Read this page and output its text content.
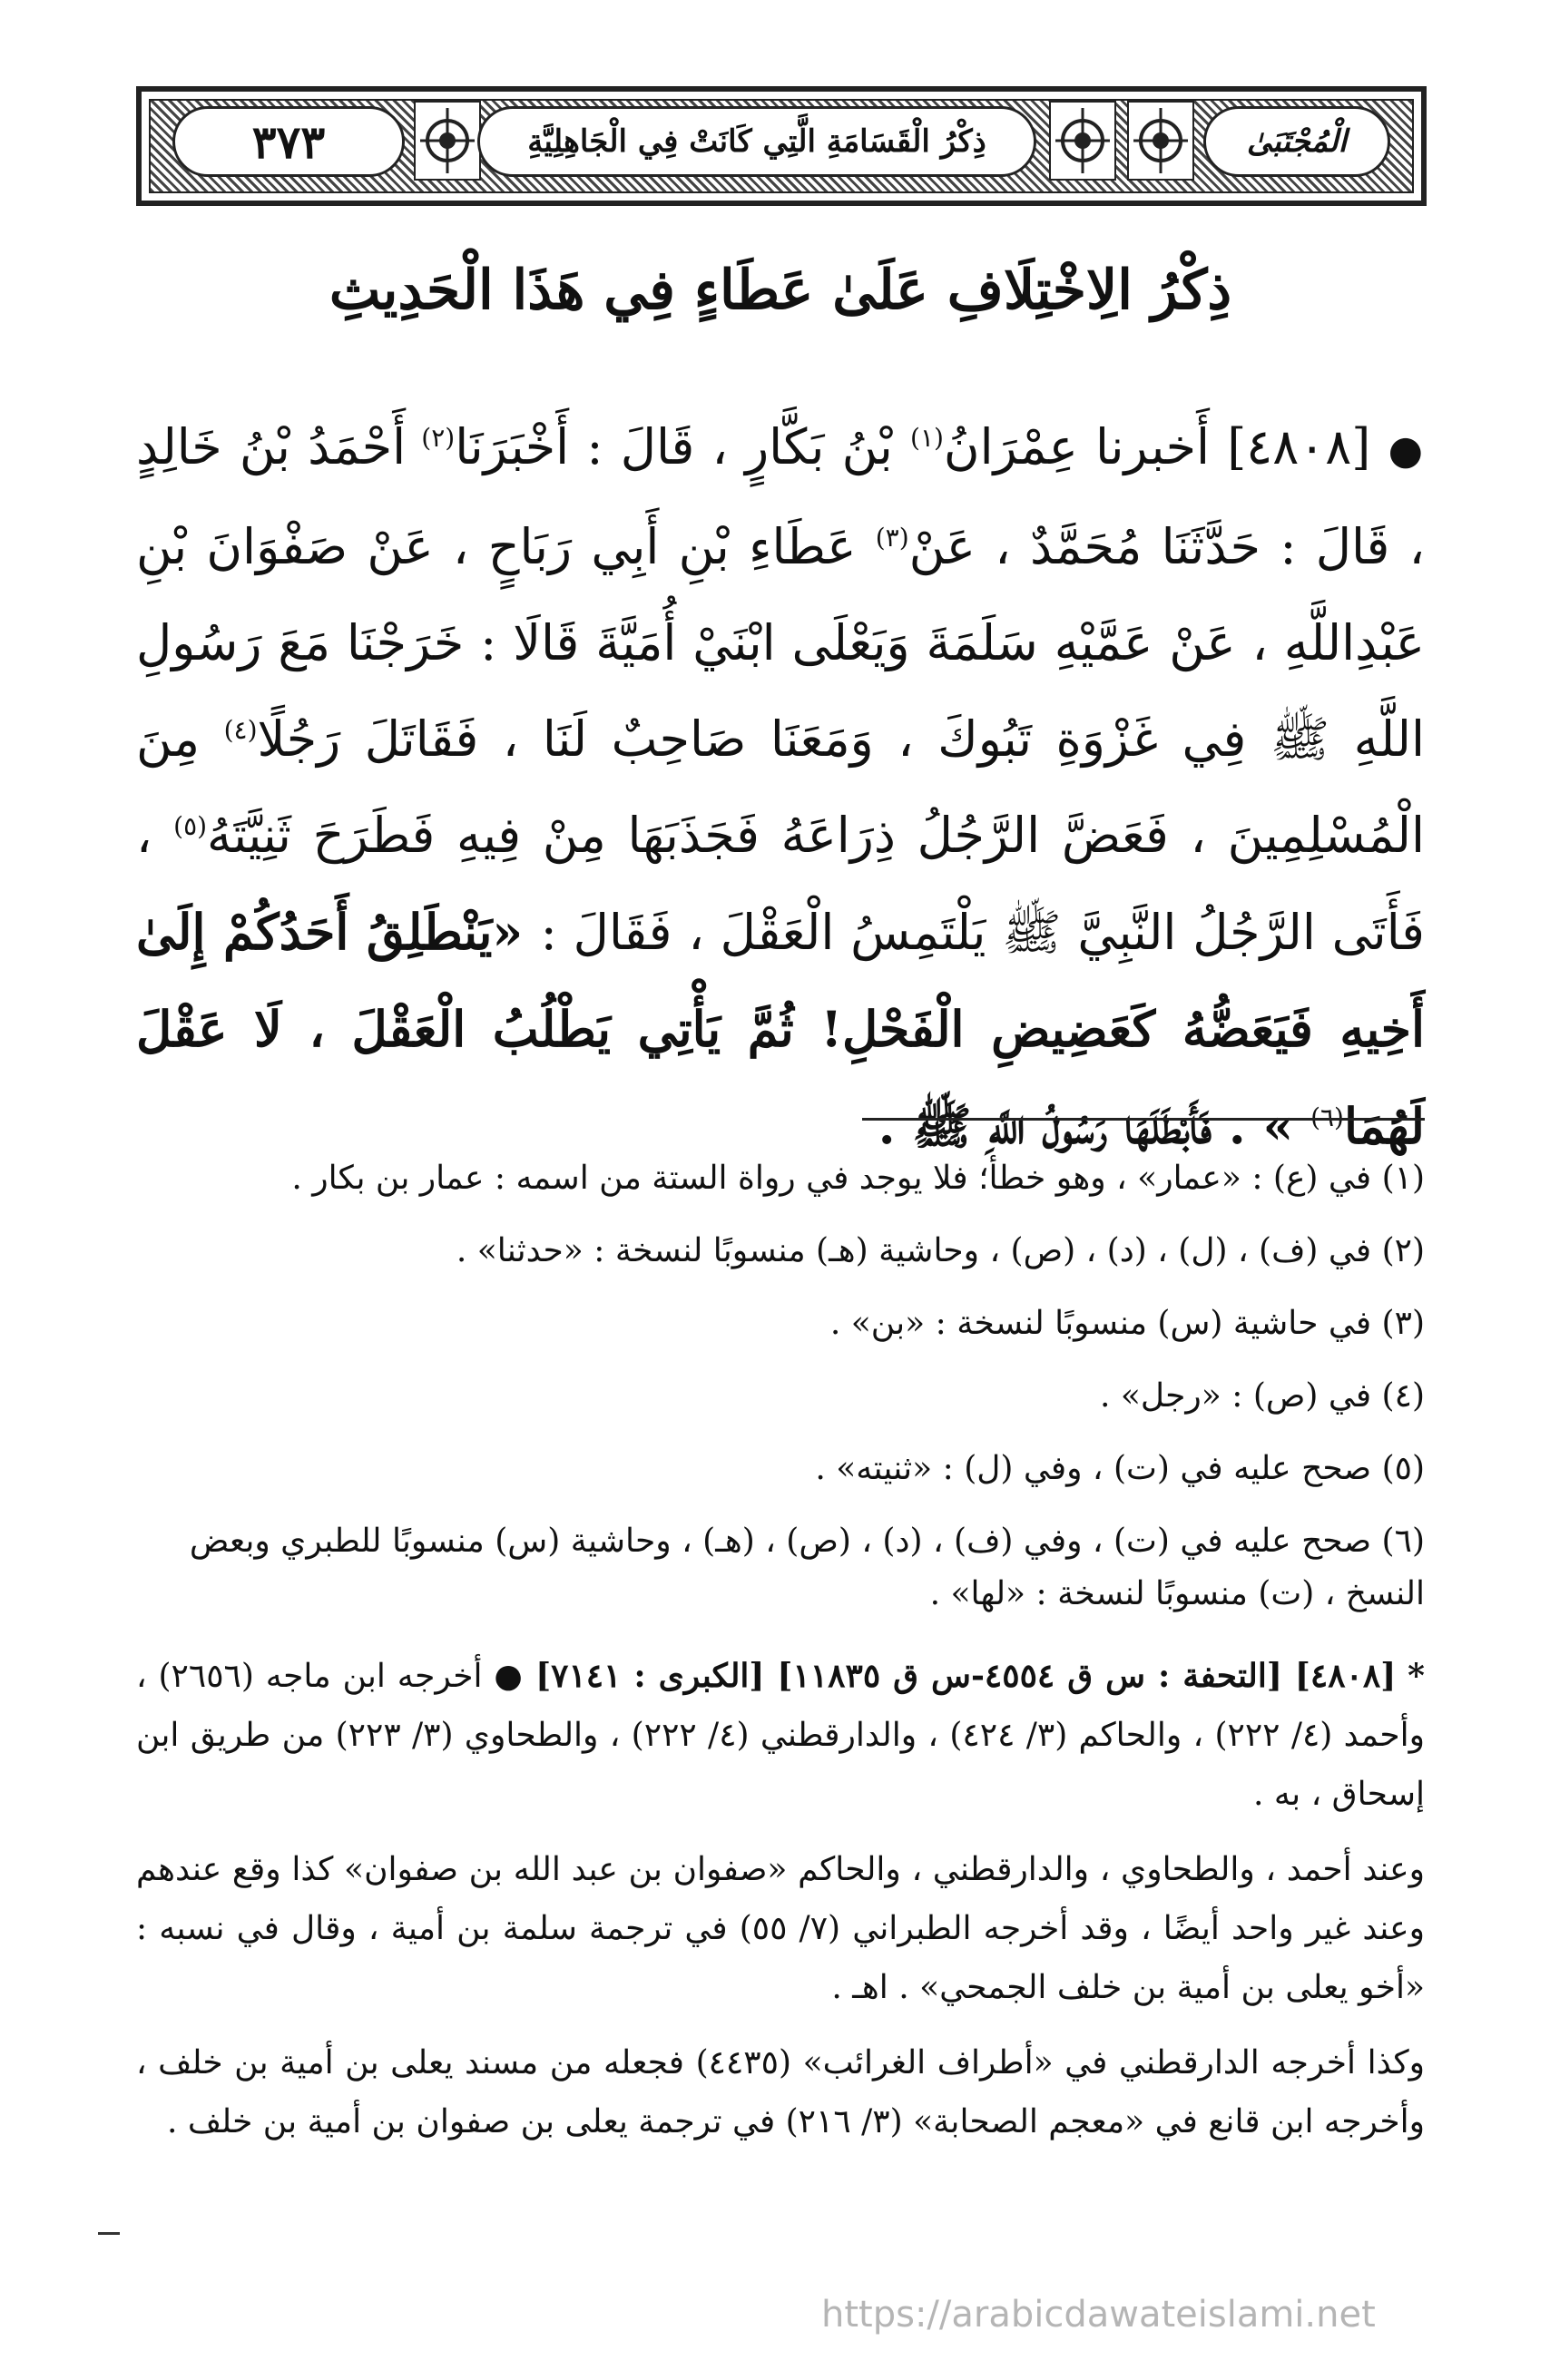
٣٧٣	ذِكْرُ الْقَسَامَةِ الَّتِي كَانَتْ فِي الْجَاهِلِيَّةِ	الْمُجْتَبَىٰ
ذِكْرُ الِاخْتِلَافِ عَلَىٰ عَطَاءٍ فِي هَذَا الْحَدِيثِ
● [٤٨٠٨] أَخبرنا عِمْرَانُ$^{(١)}$ بْنُ بَكَّارٍ ، قَالَ : أَخْبَرَنَا$^{(٢)}$ أَحْمَدُ بْنُ خَالِدٍ ، قَالَ : حَدَّثَنَا مُحَمَّدٌ ، عَنْ$^{(٣)}$ عَطَاءِ بْنِ أَبِي رَبَاحٍ ، عَنْ صَفْوَانَ بْنِ عَبْدِاللَّهِ ، عَنْ عَمَّيْهِ سَلَمَةَ وَيَعْلَى ابْنَيْ أُمَيَّةَ قَالَا : خَرَجْنَا مَعَ رَسُولِ اللَّهِ ﷺ فِي غَزْوَةِ تَبُوكَ ، وَمَعَنَا صَاحِبٌ لَنَا ، فَقَاتَلَ رَجُلًا$^{(٤)}$ مِنَ الْمُسْلِمِينَ ، فَعَضَّ الرَّجُلُ ذِرَاعَهُ فَجَذَبَهَا مِنْ فِيهِ فَطَرَحَ ثَنِيَّتَهُ$^{(٥)}$ ، فَأَتَى الرَّجُلُ النَّبِيَّ ﷺ يَلْتَمِسُ الْعَقْلَ ، فَقَالَ : «يَنْطَلِقُ أَحَدُكُمْ إِلَىٰ أَخِيهِ فَيَعَضُّهُ كَعَضِيضِ الْفَحْلِ! ثُمَّ يَأْتِي يَطْلُبُ الْعَقْلَ ، لَا عَقْلَ لَهُمَا$^{(٦)}$ » . فَأَبْطَلَهَا رَسُولُ اللَّهِ ﷺ .
(١) في (ع) : «عمار» ، وهو خطأ؛ فلا يوجد في رواة الستة من اسمه : عمار بن بكار .
(٢) في (ف) ، (ل) ، (د) ، (ص) ، وحاشية (هـ) منسوبًا لنسخة : «حدثنا» .
(٣) في حاشية (س) منسوبًا لنسخة : «بن» .
(٤) في (ص) : «رجل» .
(٥) صحح عليه في (ت) ، وفي (ل) : «ثنيته» .
(٦) صحح عليه في (ت) ، وفي (ف) ، (د) ، (ص) ، (هـ) ، وحاشية (س) منسوبًا للطبري وبعض النسخ ، (ت) منسوبًا لنسخة : «لها» .

* [٤٨٠٨] [التحفة : س ق ٤٥٥٤-س ق ١١٨٣٥] [الكبرى : ٧١٤١] ● أخرجه ابن ماجه (٢٦٥٦) ، وأحمد (٤/ ٢٢٢) ، والحاكم (٣/ ٤٢٤) ، والدارقطني (٤/ ٢٢٢) ، والطحاوي (٣/ ٢٢٣) من طريق ابن إسحاق ، به .

وعند أحمد ، والطحاوي ، والدارقطني ، والحاكم «صفوان بن عبد الله بن صفوان» كذا وقع عندهم وعند غير واحد أيضًا ، وقد أخرجه الطبراني (٧/ ٥٥) في ترجمة سلمة بن أمية ، وقال في نسبه : «أخو يعلى بن أمية بن خلف الجمحي» . اهـ .

وكذا أخرجه الدارقطني في «أطراف الغرائب» (٤٤٣٥) فجعله من مسند يعلى بن أمية بن خلف ، وأخرجه ابن قانع في «معجم الصحابة» (٣/ ٢١٦) في ترجمة يعلى بن صفوان بن أمية بن خلف .

https://arabicdawateislami.net
